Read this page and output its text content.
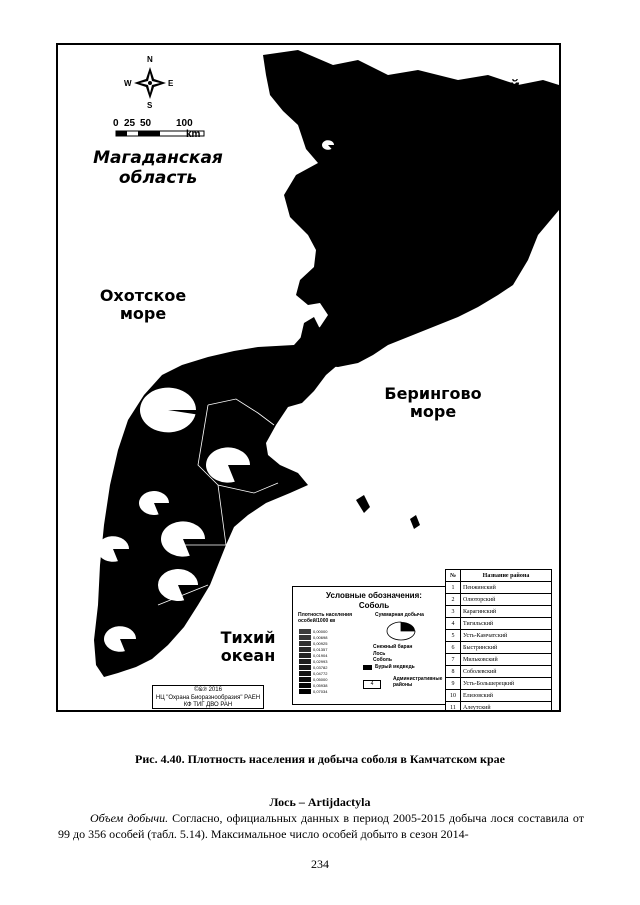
Чукотский
АО
Магаданская
область
Охотское
море
Берингово
море
Тихий
океан
N
S
E
W
0 25 50 100
km
Условные обозначения:
Соболь
Плотность населения
особей/1000 кв
Суммарная добыча
0,00000
0,00698
0,00925
0,01357
0,01904
0,02993
0,03782
0,04772
0,05000
0,05938
0,07034
Снежный баран
Лось
Соболь
Бурый медведь
Административные
районы
4
©&℗ 2016
НЦ "Охрана Биоразнообразия" РАЕН
КФ ТИГ ДВО РАН
№	Название района
1	Пенжинский
2	Олюторский
3	Карагинский
4	Тигильский
5	Усть-Камчатский
6	Быстринский
7	Мильковский
8	Соболевский
9	Усть-Большерецкий
10	Елизовский
11	Алеутский
Рис. 4.40. Плотность населения и добыча соболя в Камчатском крае
Лось – Artijdactyla
Объем добычи. Согласно, официальных данных в период 2005-2015 добыча лося составила от 99 до 356 особей (табл. 5.14). Максимальное число особей добыто в сезон 2014-
234
